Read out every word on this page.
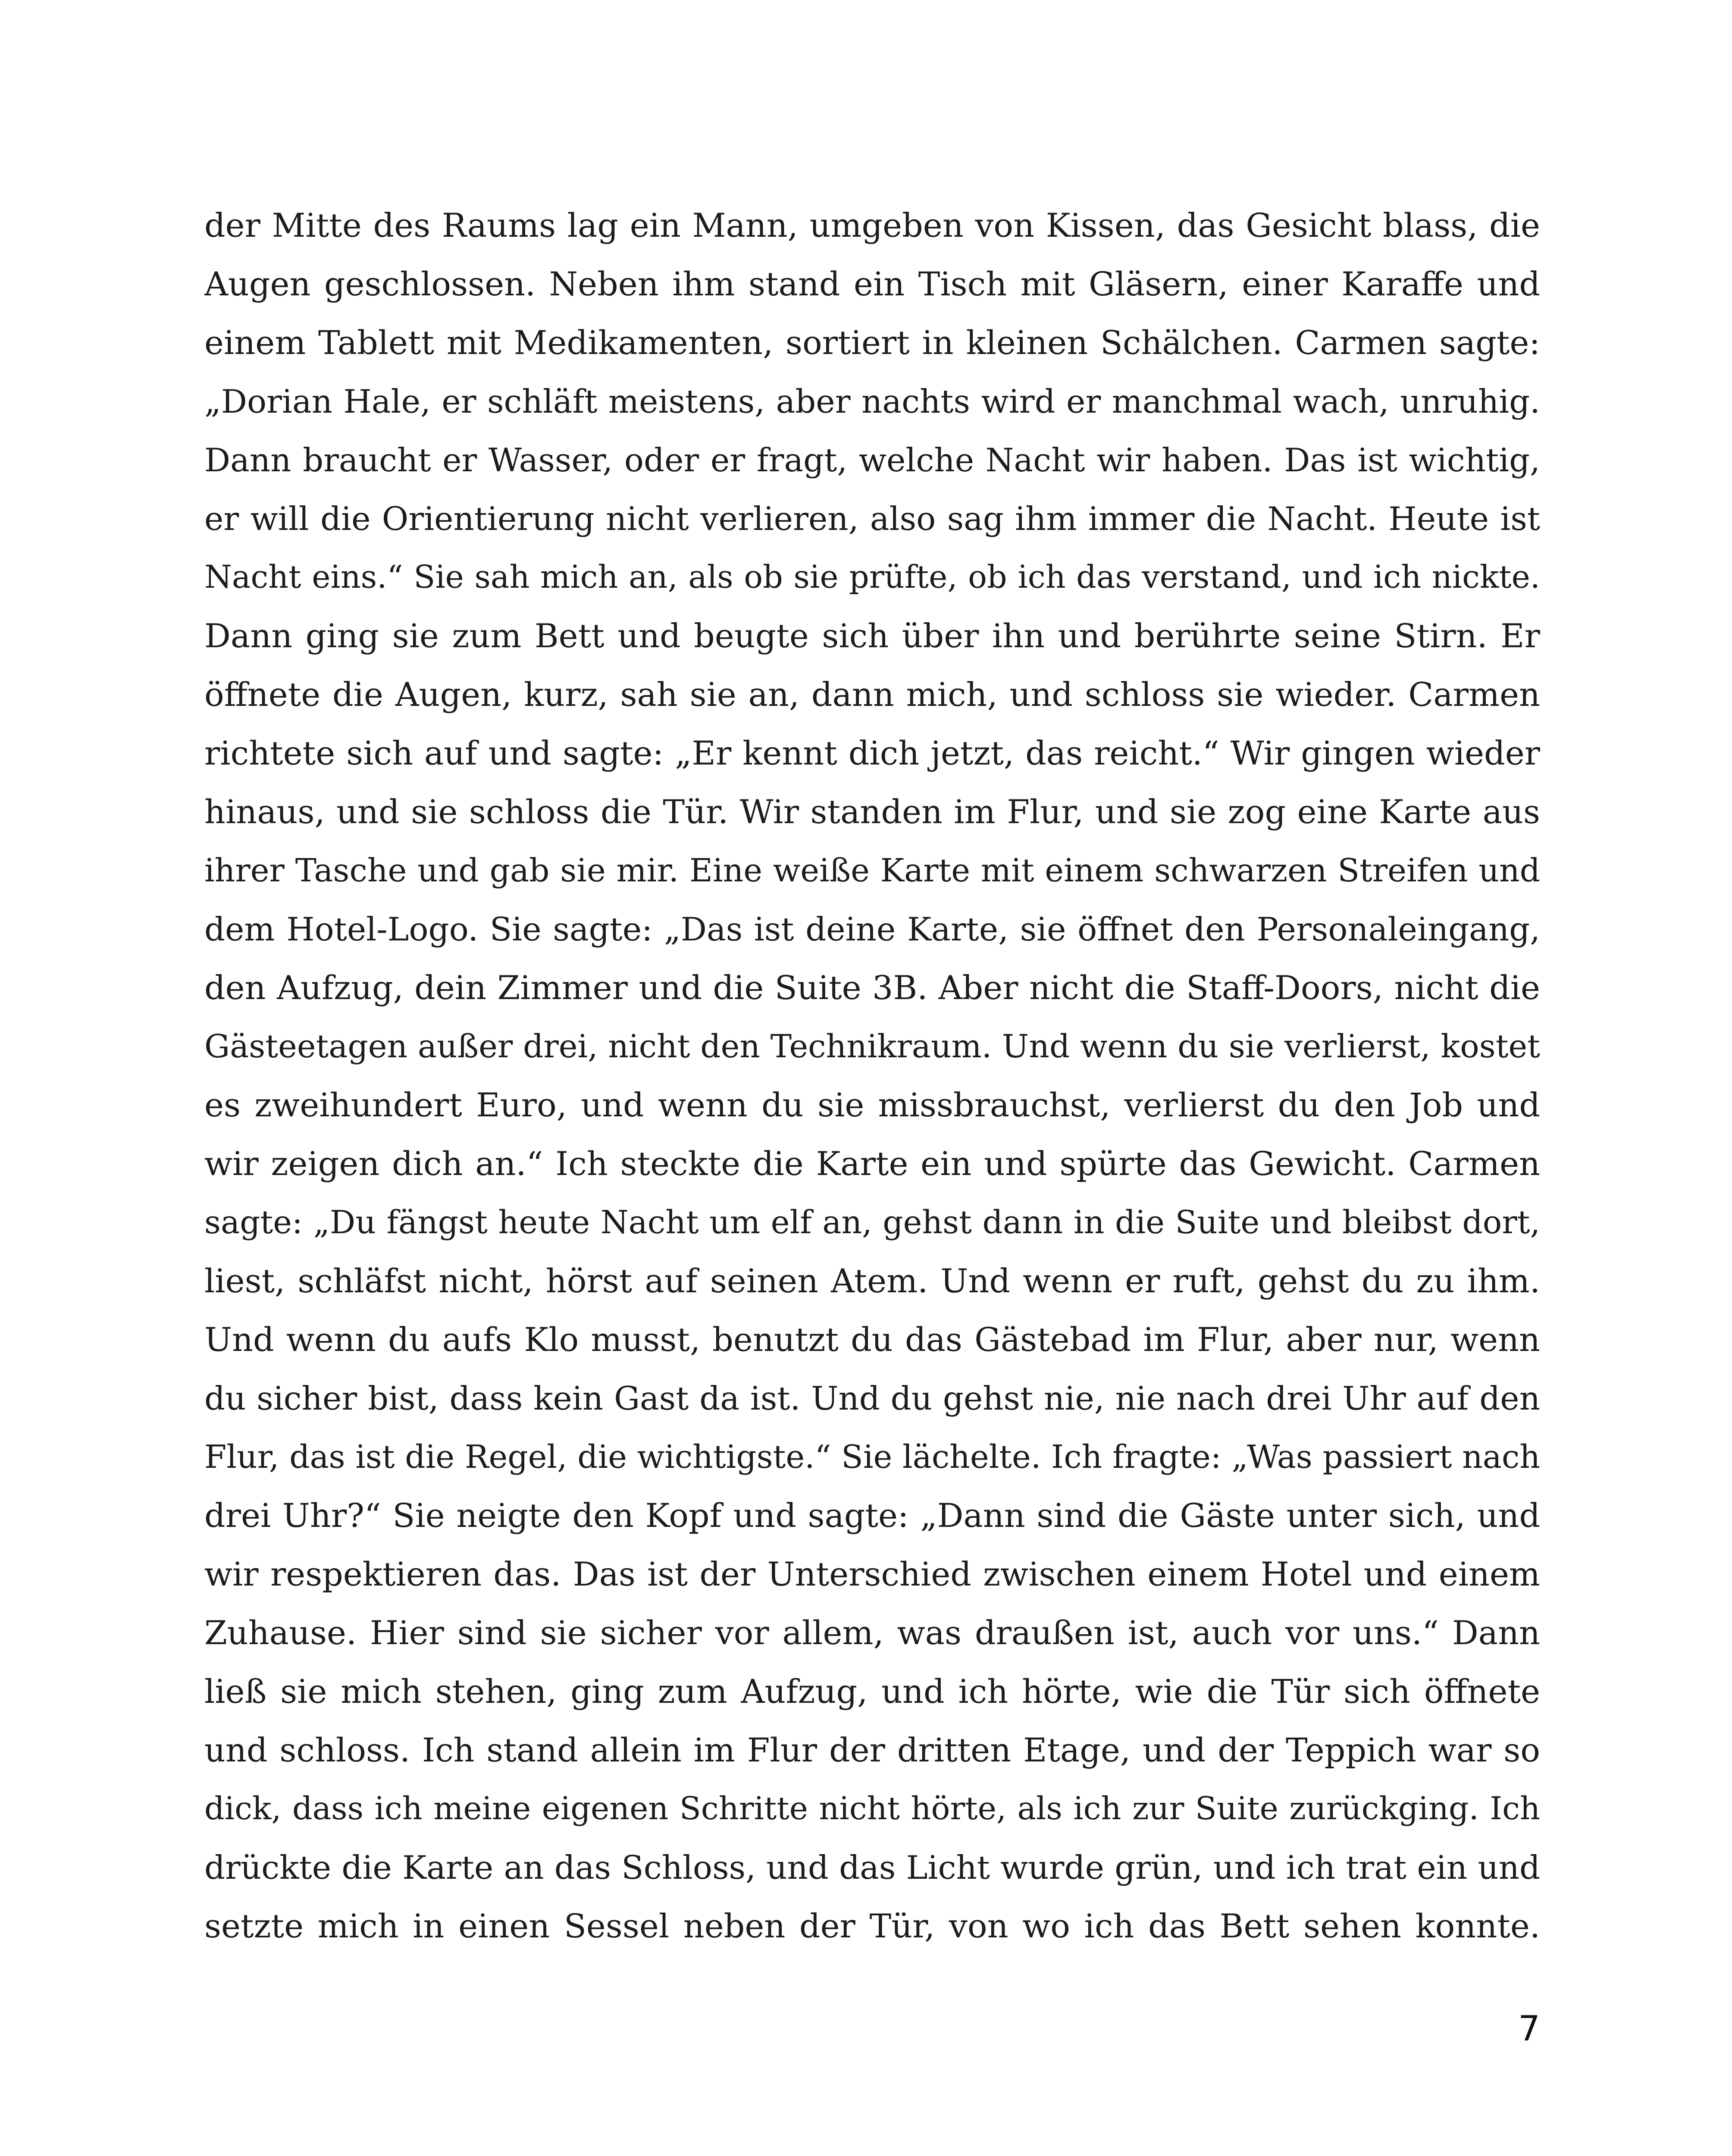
der Mitte des Raums lag ein Mann, umgeben von Kissen, das Gesicht blass, die
Augen geschlossen. Neben ihm stand ein Tisch mit Gläsern, einer Karaffe und
einem Tablett mit Medikamenten, sortiert in kleinen Schälchen. Carmen sagte:
„Dorian Hale, er schläft meistens, aber nachts wird er manchmal wach, unruhig.
Dann braucht er Wasser, oder er fragt, welche Nacht wir haben. Das ist wichtig,
er will die Orientierung nicht verlieren, also sag ihm immer die Nacht. Heute ist
Nacht eins.“ Sie sah mich an, als ob sie prüfte, ob ich das verstand, und ich nickte.
Dann ging sie zum Bett und beugte sich über ihn und berührte seine Stirn. Er
öffnete die Augen, kurz, sah sie an, dann mich, und schloss sie wieder. Carmen
richtete sich auf und sagte: „Er kennt dich jetzt, das reicht.“ Wir gingen wieder
hinaus, und sie schloss die Tür. Wir standen im Flur, und sie zog eine Karte aus
ihrer Tasche und gab sie mir. Eine weiße Karte mit einem schwarzen Streifen und
dem Hotel-Logo. Sie sagte: „Das ist deine Karte, sie öffnet den Personaleingang,
den Aufzug, dein Zimmer und die Suite 3B. Aber nicht die Staff-Doors, nicht die
Gästeetagen außer drei, nicht den Technikraum. Und wenn du sie verlierst, kostet
es zweihundert Euro, und wenn du sie missbrauchst, verlierst du den Job und
wir zeigen dich an.“ Ich steckte die Karte ein und spürte das Gewicht. Carmen
sagte: „Du fängst heute Nacht um elf an, gehst dann in die Suite und bleibst dort,
liest, schläfst nicht, hörst auf seinen Atem. Und wenn er ruft, gehst du zu ihm.
Und wenn du aufs Klo musst, benutzt du das Gästebad im Flur, aber nur, wenn
du sicher bist, dass kein Gast da ist. Und du gehst nie, nie nach drei Uhr auf den
Flur, das ist die Regel, die wichtigste.“ Sie lächelte. Ich fragte: „Was passiert nach
drei Uhr?“ Sie neigte den Kopf und sagte: „Dann sind die Gäste unter sich, und
wir respektieren das. Das ist der Unterschied zwischen einem Hotel und einem
Zuhause. Hier sind sie sicher vor allem, was draußen ist, auch vor uns.“ Dann
ließ sie mich stehen, ging zum Aufzug, und ich hörte, wie die Tür sich öffnete
und schloss. Ich stand allein im Flur der dritten Etage, und der Teppich war so
dick, dass ich meine eigenen Schritte nicht hörte, als ich zur Suite zurückging. Ich
drückte die Karte an das Schloss, und das Licht wurde grün, und ich trat ein und
setzte mich in einen Sessel neben der Tür, von wo ich das Bett sehen konnte.
7
